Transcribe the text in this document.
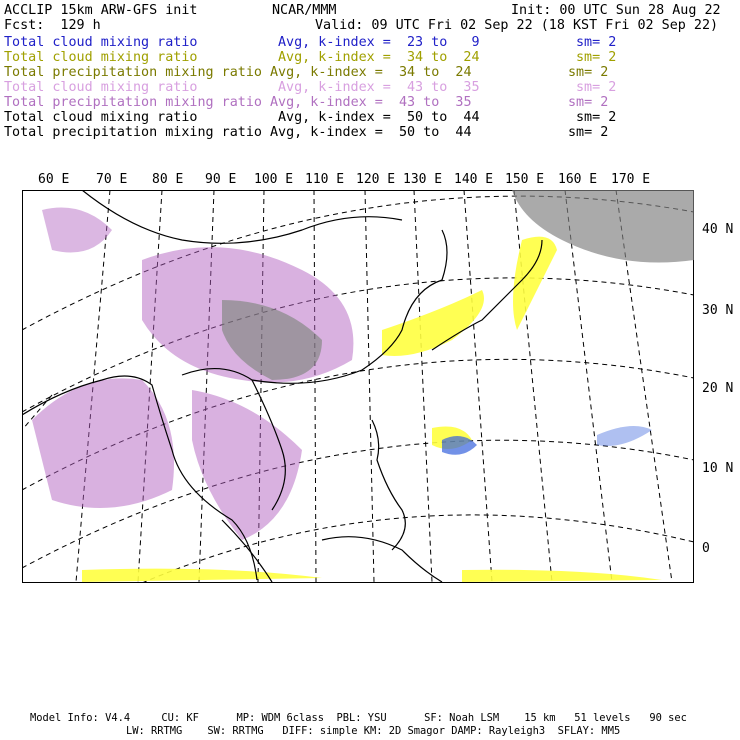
ACCLIP 15km ARW-GFS init	NCAR/MMM	Init: 00 UTC Sun 28 Aug 22
Fcst:  129 h	Valid: 09 UTC Fri 02 Sep 22 (18 KST Fri 02 Sep 22)
Total cloud mixing ratio	Avg, k-index =  23 to   9	sm= 2
Total cloud mixing ratio	Avg, k-index =  34 to  24	sm= 2
Total precipitation mixing ratio Avg, k-index =  34 to  24	sm= 2
Total cloud mixing ratio	Avg, k-index =  43 to  35	sm= 2
Total precipitation mixing ratio Avg, k-index =  43 to  35	sm= 2
Total cloud mixing ratio	Avg, k-index =  50 to  44	sm= 2
Total precipitation mixing ratio Avg, k-index =  50 to  44	sm= 2
60 E 70 E 80 E 90 E 100 E 110 E 120 E 130 E 140 E 150 E 160 E 170 E
40 N
30 N
20 N
10 N
0
Model Info: V4.4     CU: KF      MP: WDM 6class  PBL: YSU      SF: Noah LSM    15 km   51 levels   90 sec
LW: RRTMG    SW: RRTMG   DIFF: simple KM: 2D Smagor DAMP: Rayleigh3  SFLAY: MM5
